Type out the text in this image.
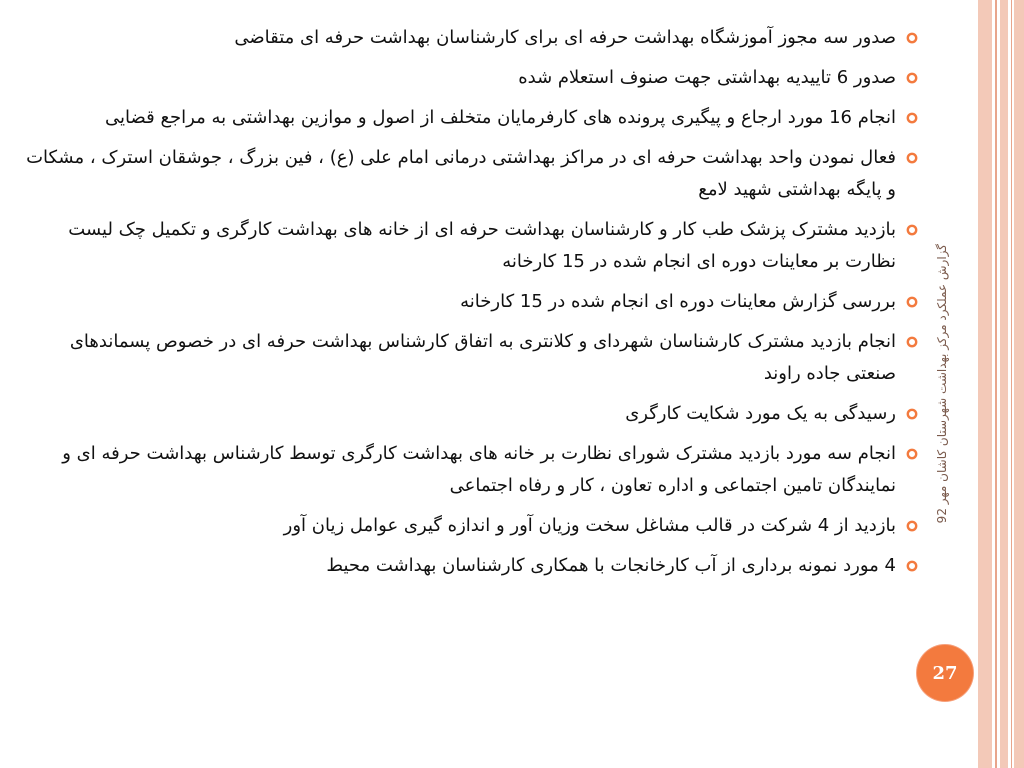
گزارش عملکرد مرکز بهداشت شهرستان کاشان مهر 92
27

صدور سه مجوز آموزشگاه بهداشت حرفه ای برای کارشناسان بهداشت حرفه ای متقاضی

صدور 6 تاییدیه بهداشتی جهت صنوف استعلام شده

انجام 16 مورد ارجاع و پیگیری پرونده های کارفرمایان متخلف از اصول و موازین بهداشتی به مراجع قضایی

فعال نمودن واحد بهداشت حرفه ای در مراکز بهداشتی درمانی امام علی (ع) ، فین بزرگ ، جوشقان استرک ، مشکات و پایگه بهداشتی شهید لامع

بازدید مشترک پزشک طب کار و کارشناسان بهداشت حرفه ای از خانه های بهداشت کارگری و تکمیل چک لیست نظارت بر معاینات دوره ای انجام شده در 15 کارخانه

بررسی گزارش معاینات دوره ای انجام شده در 15 کارخانه

انجام بازدید مشترک کارشناسان شهردای و کلانتری به اتفاق کارشناس بهداشت حرفه ای در خصوص پسماندهای صنعتی جاده راوند

رسیدگی به یک مورد شکایت کارگری

انجام سه مورد بازدید مشترک شورای نظارت بر خانه های بهداشت کارگری توسط کارشناس بهداشت حرفه ای و نمایندگان تامین اجتماعی و اداره تعاون ، کار و رفاه اجتماعی

بازدید از 4 شرکت در قالب مشاغل سخت وزیان آور و اندازه گیری عوامل زیان آور

4 مورد نمونه برداری از آب کارخانجات با همکاری کارشناسان بهداشت محیط
